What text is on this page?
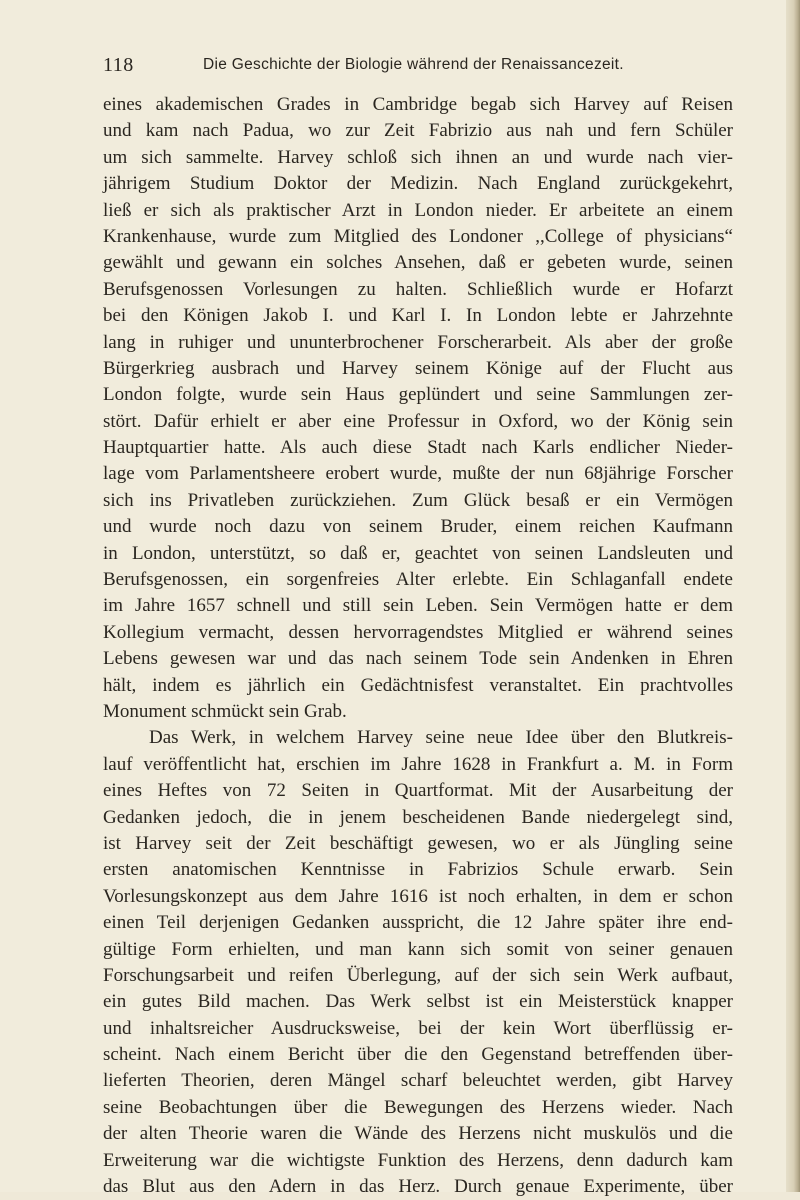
118	Die Geschichte der Biologie während der Renaissancezeit.
eines akademischen Grades in Cambridge begab sich Harvey auf Reisen
und kam nach Padua, wo zur Zeit Fabrizio aus nah und fern Schüler
um sich sammelte. Harvey schloß sich ihnen an und wurde nach vier-
jährigem Studium Doktor der Medizin. Nach England zurückgekehrt,
ließ er sich als praktischer Arzt in London nieder. Er arbeitete an einem
Krankenhause, wurde zum Mitglied des Londoner ,,College of physicians“
gewählt und gewann ein solches Ansehen, daß er gebeten wurde, seinen
Berufsgenossen Vorlesungen zu halten. Schließlich wurde er Hofarzt
bei den Königen Jakob I. und Karl I. In London lebte er Jahrzehnte
lang in ruhiger und ununterbrochener Forscherarbeit. Als aber der große
Bürgerkrieg ausbrach und Harvey seinem Könige auf der Flucht aus
London folgte, wurde sein Haus geplündert und seine Sammlungen zer-
stört. Dafür erhielt er aber eine Professur in Oxford, wo der König sein
Hauptquartier hatte. Als auch diese Stadt nach Karls endlicher Nieder-
lage vom Parlamentsheere erobert wurde, mußte der nun 68jährige Forscher
sich ins Privatleben zurückziehen. Zum Glück besaß er ein Vermögen
und wurde noch dazu von seinem Bruder, einem reichen Kaufmann
in London, unterstützt, so daß er, geachtet von seinen Landsleuten und
Berufsgenossen, ein sorgenfreies Alter erlebte. Ein Schlaganfall endete
im Jahre 1657 schnell und still sein Leben. Sein Vermögen hatte er dem
Kollegium vermacht, dessen hervorragendstes Mitglied er während seines
Lebens gewesen war und das nach seinem Tode sein Andenken in Ehren
hält, indem es jährlich ein Gedächtnisfest veranstaltet. Ein prachtvolles
Monument schmückt sein Grab.
Das Werk, in welchem Harvey seine neue Idee über den Blutkreis-
lauf veröffentlicht hat, erschien im Jahre 1628 in Frankfurt a. M. in Form
eines Heftes von 72 Seiten in Quartformat. Mit der Ausarbeitung der
Gedanken jedoch, die in jenem bescheidenen Bande niedergelegt sind,
ist Harvey seit der Zeit beschäftigt gewesen, wo er als Jüngling seine
ersten anatomischen Kenntnisse in Fabrizios Schule erwarb. Sein
Vorlesungskonzept aus dem Jahre 1616 ist noch erhalten, in dem er schon
einen Teil derjenigen Gedanken ausspricht, die 12 Jahre später ihre end-
gültige Form erhielten, und man kann sich somit von seiner genauen
Forschungsarbeit und reifen Überlegung, auf der sich sein Werk aufbaut,
ein gutes Bild machen. Das Werk selbst ist ein Meisterstück knapper
und inhaltsreicher Ausdrucksweise, bei der kein Wort überflüssig er-
scheint. Nach einem Bericht über die den Gegenstand betreffenden über-
lieferten Theorien, deren Mängel scharf beleuchtet werden, gibt Harvey
seine Beobachtungen über die Bewegungen des Herzens wieder. Nach
der alten Theorie waren die Wände des Herzens nicht muskulös und die
Erweiterung war die wichtigste Funktion des Herzens, denn dadurch kam
das Blut aus den Adern in das Herz. Durch genaue Experimente, über
